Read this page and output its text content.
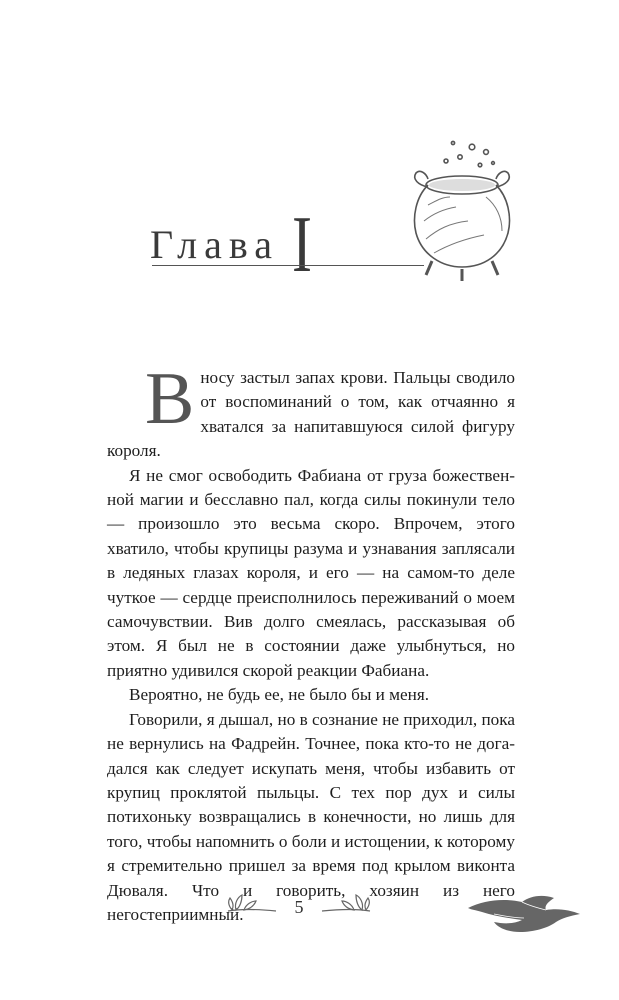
Глава I

Вносу застыл запах крови. Пальцы сводило от воспоминаний о том, как отчаянно я хватался за напитавшуюся силой фигуру короля.

Я не смог освободить Фабиана от груза божественной магии и бесславно пал, когда силы покинули тело — произошло это весьма скоро. Впрочем, этого хватило, чтобы крупицы разума и узнавания заплясали в ледяных глазах короля, и его — на самом-то деле чуткое — сердце преисполнилось переживаний о моем самочувствии. Вив долго смеялась, рассказывая об этом. Я был не в состоянии даже улыбнуться, но приятно удивился скорой реакции Фабиана.

Вероятно, не будь ее, не было бы и меня.

Говорили, я дышал, но в сознание не приходил, пока не вернулись на Фадрейн. Точнее, пока кто-то не догадался как следует искупать меня, чтобы избавить от крупиц проклятой пыльцы. С тех пор дух и силы потихоньку возвращались в конечности, но лишь для того, чтобы напомнить о боли и истощении, к которому я стремительно пришел за время под крылом виконта Дюваля. Что и говорить, хозяин из него негостеприимный.	5
